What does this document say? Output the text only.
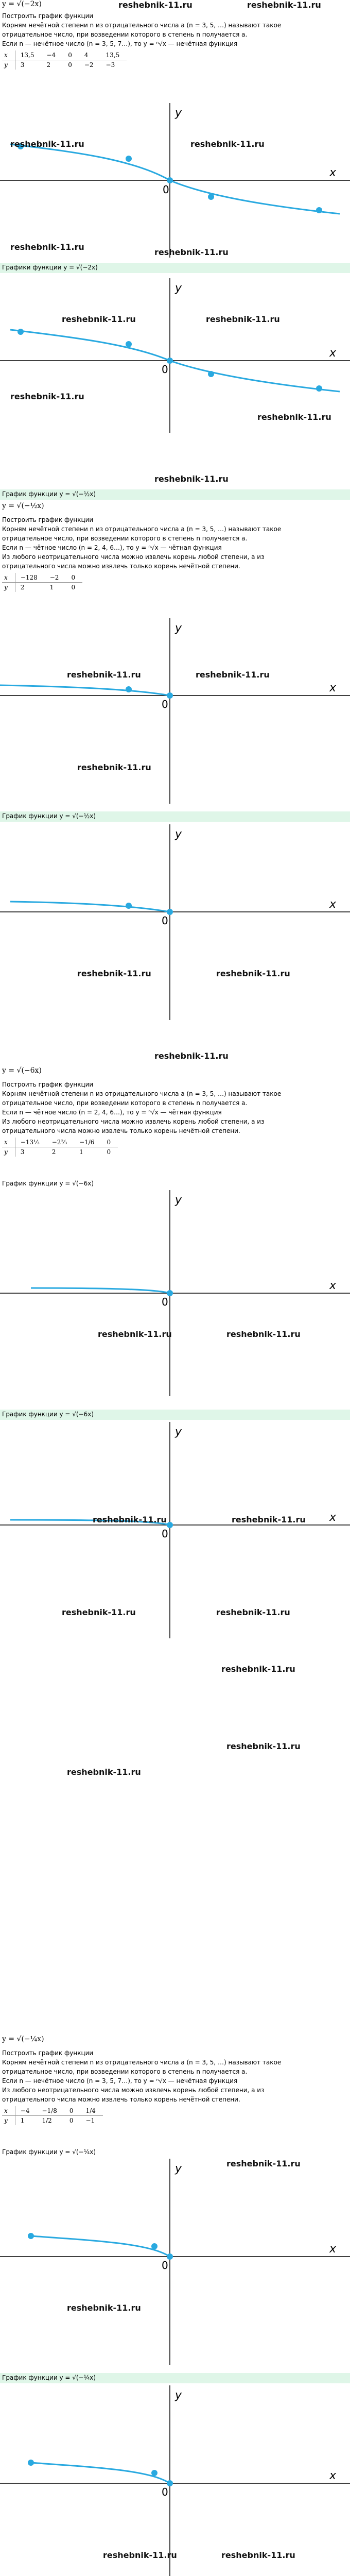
y = √(−2x)
Построить график функции
Корням нечётной степени n из отрицательного числа a (n = 3, 5, …) называют такое
отрицательное число, при возведении которого в степень n получается a.
Если n — нечётное число (n = 3, 5, 7…), то y = ⁿ√x — нечётная функция
x	13,5	−4	0	4	13,5
y	3	2	0	−2	−3
0
x
y
Графики функции y = √(−2x)
x
y
0
График функции y = √(−½x)
y = √(−½x)
Построить график функции
Корням нечётной степени n из отрицательного числа a (n = 3, 5, …) называют такое
отрицательное число, при возведении которого в степень n получается a.
Если n — чётное число (n = 2, 4, 6…), то y = ⁿ√x — чётная функция
Из любого неотрицательного числа можно извлечь корень любой степени, а из
отрицательного числа можно извлечь только корень нечётной степени.
x	−128	−2	0
y	2	1	0
x
y
0
График функции y = √(−½x)
x
y
0
y = √(−6x)
Построить график функции
Корням нечётной степени n из отрицательного числа a (n = 3, 5, …) называют такое
отрицательное число, при возведении которого в степень n получается a.
Если n — чётное число (n = 2, 4, 6…), то y = ⁿ√x — чётная функция
Из любого неотрицательного числа можно извлечь корень любой степени, а из
отрицательного числа можно извлечь только корень нечётной степени.
x	−13⅓	−2⅔	−1/6	0
y	3	2	1	0
График функции y = √(−6x)
x
y
0
График функции y = √(−6x)
x
y
0
y = √(−¼x)
Построить график функции
Корням нечётной степени n из отрицательного числа a (n = 3, 5, …) называют такое
отрицательное число, при возведении которого в степень n получается a.
Если n — нечётное число (n = 3, 5, 7…), то y = ⁿ√x — нечётная функция
Из любого неотрицательного числа можно извлечь корень любой степени, а из
отрицательного числа можно извлечь только корень нечётной степени.
x	−4	−1/8	0	1/4
y	1	1/2	0	−1
График функции y = √(−¼x)
x
y
0
График функции y = √(−¼x)
x
y
0
reshebnik-11.ru	reshebnik-11.ru
reshebnik-11.ru	reshebnik-11.ru
reshebnik-11.ru
reshebnik-11.ru
reshebnik-11.ru	reshebnik-11.ru
reshebnik-11.ru
reshebnik-11.ru
reshebnik-11.ru
reshebnik-11.ru	reshebnik-11.ru
reshebnik-11.ru
reshebnik-11.ru	reshebnik-11.ru
reshebnik-11.ru
reshebnik-11.ru	reshebnik-11.ru
reshebnik-11.ru	reshebnik-11.ru
reshebnik-11.ru	reshebnik-11.ru
reshebnik-11.ru
reshebnik-11.ru
reshebnik-11.ru
reshebnik-11.ru
reshebnik-11.ru
reshebnik-11.ru	reshebnik-11.ru
